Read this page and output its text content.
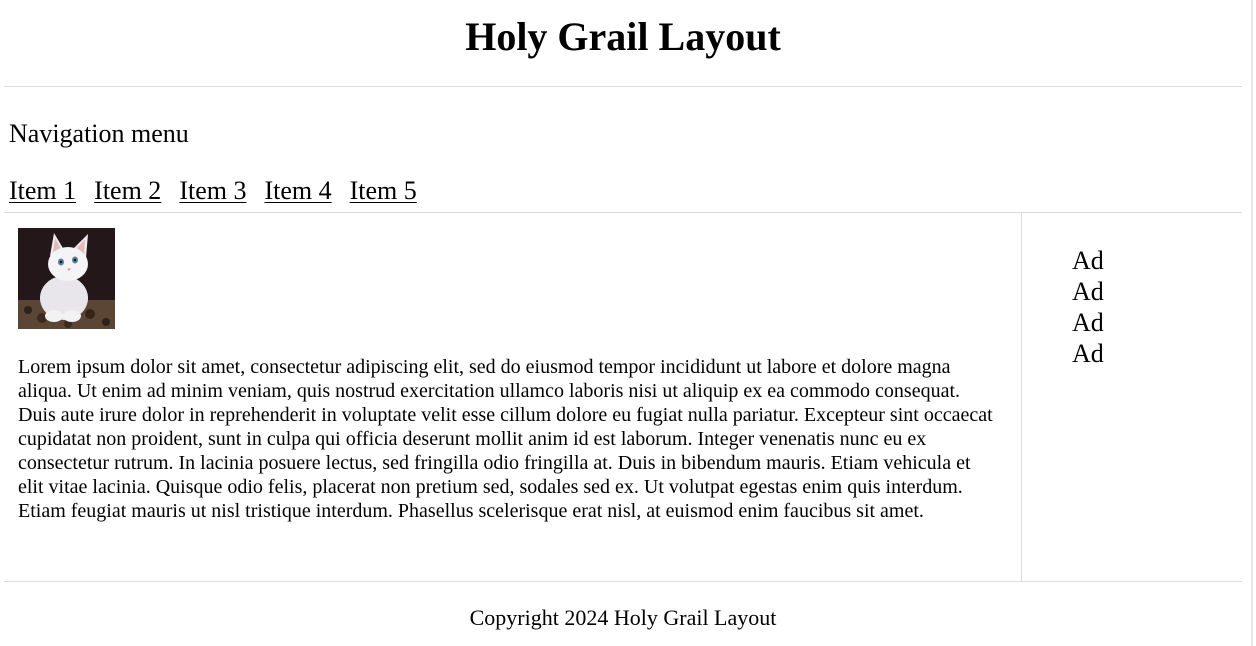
Holy Grail Layout
Navigation menu
Item 1 Item 2 Item 3 Item 4 Item 5

Lorem ipsum dolor sit amet, consectetur adipiscing elit, sed do eiusmod tempor incididunt ut labore et dolore magna aliqua. Ut enim ad minim veniam, quis nostrud exercitation ullamco laboris nisi ut aliquip ex ea commodo consequat. Duis aute irure dolor in reprehenderit in voluptate velit esse cillum dolore eu fugiat nulla pariatur. Excepteur sint occaecat cupidatat non proident, sunt in culpa qui officia deserunt mollit anim id est laborum. Integer venenatis nunc eu ex consectetur rutrum. In lacinia posuere lectus, sed fringilla odio fringilla at. Duis in bibendum mauris. Etiam vehicula et elit vitae lacinia. Quisque odio felis, placerat non pretium sed, sodales sed ex. Ut volutpat egestas enim quis interdum. Etiam feugiat mauris ut nisl tristique interdum. Phasellus scelerisque erat nisl, at euismod enim faucibus sit amet.

Ad
Ad
Ad
Ad
Copyright 2024 Holy Grail Layout
